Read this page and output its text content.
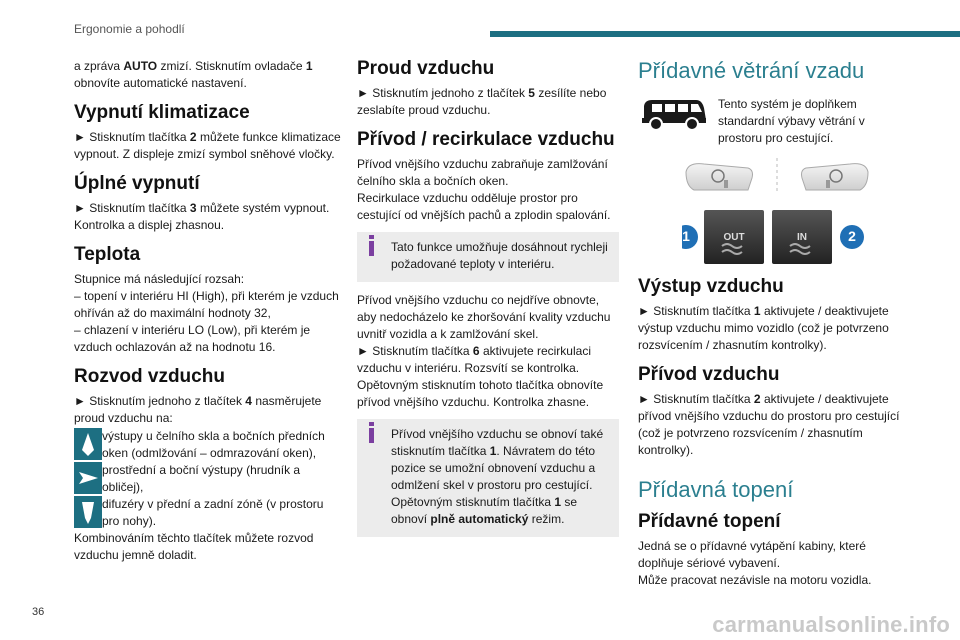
Ergonomie a pohodlí

a zpráva AUTO zmizí. Stisknutím ovladače 1 obnovíte automatické nastavení.

Vypnutí klimatizace

► Stisknutím tlačítka 2 můžete funkce klimatizace vypnout. Z displeje zmizí symbol sněhové vločky.

Úplné vypnutí

► Stisknutím tlačítka 3 můžete systém vypnout. Kontrolka a displej zhasnou.

Teplota

Stupnice má následující rozsah:

– topení v interiéru HI (High), při kterém je vzduch ohříván až do maximální hodnoty 32,

– chlazení v interiéru LO (Low), při kterém je vzduch ochlazován až na hodnotu 16.

Rozvod vzduchu

► Stisknutím jednoho z tlačítek 4 nasměrujete proud vzduchu na:

výstupy u čelního skla a bočních předních oken (odmlžování – odmrazování oken),

prostřední a boční výstupy (hrudník a obličej),

difuzéry v přední a zadní zóně (v prostoru pro nohy).

Kombinováním těchto tlačítek můžete rozvod vzduchu jemně doladit.

Proud vzduchu

► Stisknutím jednoho z tlačítek 5 zesílíte nebo zeslabíte proud vzduchu.

Přívod / recirkulace vzduchu

Přívod vnějšího vzduchu zabraňuje zamlžování čelního skla a bočních oken.

Recirkulace vzduchu odděluje prostor pro cestující od vnějších pachů a zplodin spalování.

Tato funkce umožňuje dosáhnout rychleji požadované teploty v interiéru.

Přívod vnějšího vzduchu co nejdříve obnovte, aby nedocházelo ke zhoršování kvality vzduchu uvnitř vozidla a k zamlžování skel.

► Stisknutím tlačítka 6 aktivujete recirkulaci vzduchu v interiéru. Rozsvítí se kontrolka. Opětovným stisknutím tohoto tlačítka obnovíte přívod vnějšího vzduchu. Kontrolka zhasne.

Přívod vnějšího vzduchu se obnoví také stisknutím tlačítka 1. Návratem do této pozice se umožní obnovení vzduchu a odmlžení skel v prostoru pro cestující. Opětovným stisknutím tlačítka 1 se obnoví plně automatický režim.

Přídavné větrání vzadu

Tento systém je doplňkem standardní výbavy větrání v prostoru pro cestující.

1	2
OUT	IN
Výstup vzduchu

► Stisknutím tlačítka 1 aktivujete / deaktivujete výstup vzduchu mimo vozidlo (což je potvrzeno rozsvícením / zhasnutím kontrolky).

Přívod vzduchu

► Stisknutím tlačítka 2 aktivujete / deaktivujete přívod vnějšího vzduchu do prostoru pro cestující (což je potvrzeno rozsvícením / zhasnutím kontrolky).

Přídavná topení
Přídavné topení

Jedná se o přídavné vytápění kabiny, které doplňuje sériové vybavení.

Může pracovat nezávisle na motoru vozidla.

36	carmanualsonline.info
